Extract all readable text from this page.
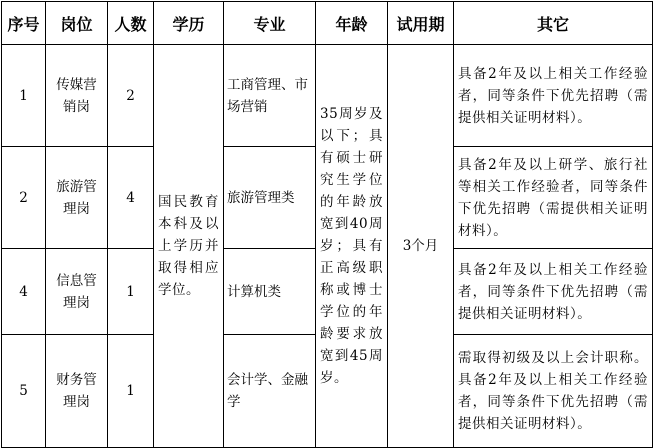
序号	岗位	人数	学历	专业	年龄	试用期	其它
1	传媒营销岗	2	国民教育本科及以上学历并取得相应学位。	工商管理、市场营销	35周岁及以下；具有硕士研究生学位的年龄放宽到40周岁；具有正高级职称或博士学位的年龄要求放宽到45周岁。	3个月	具备2年及以上相关工作经验者，同等条件下优先招聘（需提供相关证明材料）。
2	旅游管理岗	4		旅游管理类			具备2年及以上研学、旅行社等相关工作经验者，同等条件下优先招聘（需提供相关证明材料）。
4	信息管理岗	1		计算机类			具备2年及以上相关工作经验者，同等条件下优先招聘（需提供相关证明材料）。
5	财务管理岗	1		会计学、金融学			需取得初级及以上会计职称。具备2年及以上相关工作经验者，同等条件下优先招聘（需提供相关证明材料）。
